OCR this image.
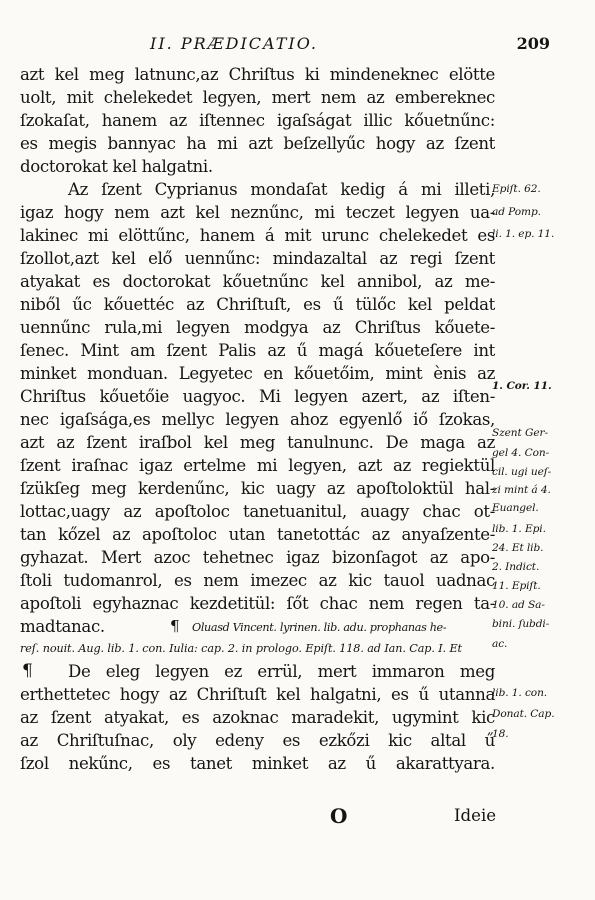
II. PRÆDICATIO.	209
azt kel meg latnunc,az Chriſtus ki mindeneknec elötte
uolt, mit chelekedet legyen, mert nem az embereknec
ſzokaſat, hanem az iſtennec igaſságat illic kőuetnűnc:
es megis bannyac ha mi azt beſzellyűc hogy az ſzent
doctorokat kel halgatni.
Az ſzent Cyprianus mondaſat kedig á mi illeti,
igaz hogy nem azt kel neznűnc, mi teczet legyen ua-
lakinec mi elöttűnc, hanem á mit urunc chelekedet es
ſzollot,azt kel elő uennűnc: mindazaltal az regi ſzent
atyakat es doctorokat kőuetnűnc kel annibol, az me-
niből űc kőuettéc az Chriſtuſt, es ű tülőc kel peldat
uennűnc rula,mi legyen modgya az Chriſtus kőuete-
ſenec. Mint am ſzent Palis az ű magá kőueteſere int
minket monduan. Legyetec en kőuetőim, mint ènis az
Chriſtus kőuetőie uagyoc. Mi legyen azert, az iſten-
nec igaſsága,es mellyc legyen ahoz egyenlő iő ſzokas,
azt az ſzent iraſbol kel meg tanulnunc. De maga az
ſzent iraſnac igaz ertelme mi legyen, azt az regiektül
ſzükſeg meg kerdenűnc, kic uagy az apoſtoloktül hal-
lottac,uagy az apoſtoloc tanetuanitul, auagy chac ot-
tan kőzel az apoſtoloc utan tanetottác az anyaſzente-
gyhazat. Mert azoc tehetnec igaz bizonſagot az apo-
ſtoli tudomanrol, es nem imezec az kic tauol uadnac
apoſtoli egyhaznac kezdetitül: ſőt chac nem regen ta-
madtanac.	¶ Oluasd Vincent. lyrinen. lib. adu. prophanas he-
reſ. nouit. Aug. lib. 1. con. Iulia: cap. 2. in prologo. Epiſt. 118. ad Ian. Cap. I. Et
¶ De eleg legyen ez errül, mert immaron meg
erthettetec hogy az Chriſtuſt kel halgatni, es ű utanna
az ſzent atyakat, es azoknac maradekit, ugymint kic
az Chriſtuſnac, oly edeny es ezkőzi kic altal ű
ſzol nekűnc, es tanet minket az ű akarattyara.
Epiſt. 62.
ad Pomp.
li. 1. ep. 11.
1. Cor. 11.
Szent Ger-
gel 4. Con-
cil. ugi ueſ-
zi mint á 4.
Euangel.
lib. 1. Epi.
24. Et lib.
2. Indict.
11. Epiſt.
10. ad Sa-
bini. ſubdi-
ac.
lib. 1. con.
Donat. Cap.
18.
O	Ideie
